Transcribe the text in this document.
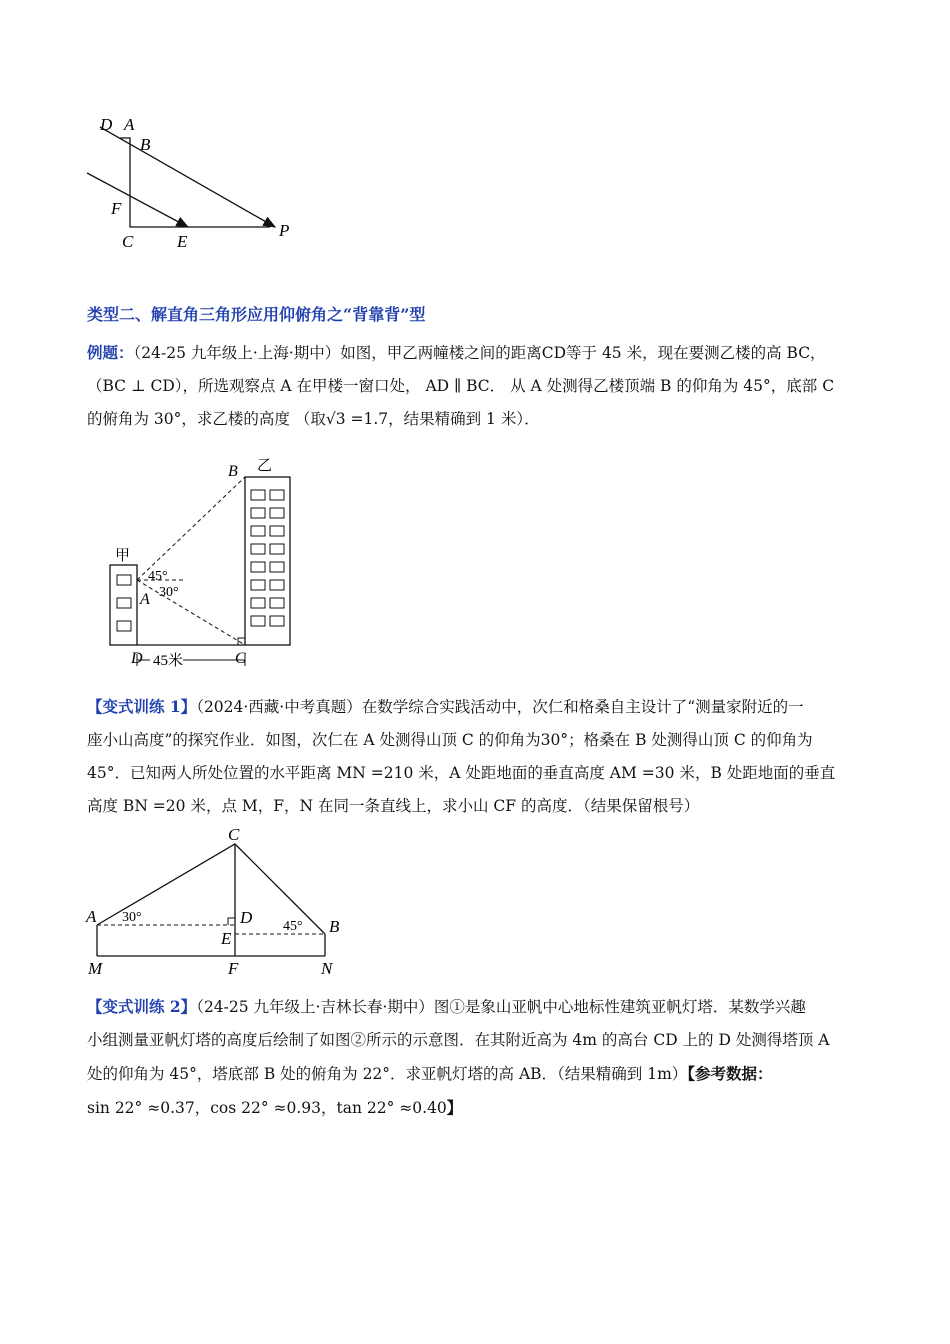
D A
B
F
C	E
P
类型二、解直角三角形应用仰俯角之“背靠背”型
例题：（24-25 九年级上·上海·期中）如图，甲乙两幢楼之间的距离CD等于 45 米，现在要测乙楼的高 BC，
（BC ⊥ CD），所选观察点 A 在甲楼一窗口处， AD ∥ BC． 从 A 处测得乙楼顶端 B 的仰角为 45°，底部 C
的俯角为 30°，求乙楼的高度 （取√3 =1.7，结果精确到 1 米）．
甲
乙
B
A
D	C
45°
30°
45米
【变式训练 1】（2024·西藏·中考真题）在数学综合实践活动中，次仁和格桑自主设计了“测量家附近的一
座小山高度”的探究作业．如图，次仁在 A 处测得山顶 C 的仰角为30°；格桑在 B 处测得山顶 C 的仰角为
45°．已知两人所处位置的水平距离 MN =210 米，A 处距地面的垂直高度 AM =30 米，B 处距地面的垂直
高度 BN =20 米，点 M，F，N 在同一条直线上，求小山 CF 的高度．（结果保留根号）
C
A	D	B
E
M	F	N
30°
45°
【变式训练 2】（24-25 九年级上·吉林长春·期中）图①是象山亚帆中心地标性建筑亚帆灯塔．某数学兴趣
小组测量亚帆灯塔的高度后绘制了如图②所示的示意图．在其附近高为 4m 的高台 CD 上的 D 处测得塔顶 A
处的仰角为 45°，塔底部 B 处的俯角为 22°．求亚帆灯塔的高 AB．（结果精确到 1m）【参考数据：
sin 22° ≈0.37，cos 22° ≈0.93，tan 22° ≈0.40】
